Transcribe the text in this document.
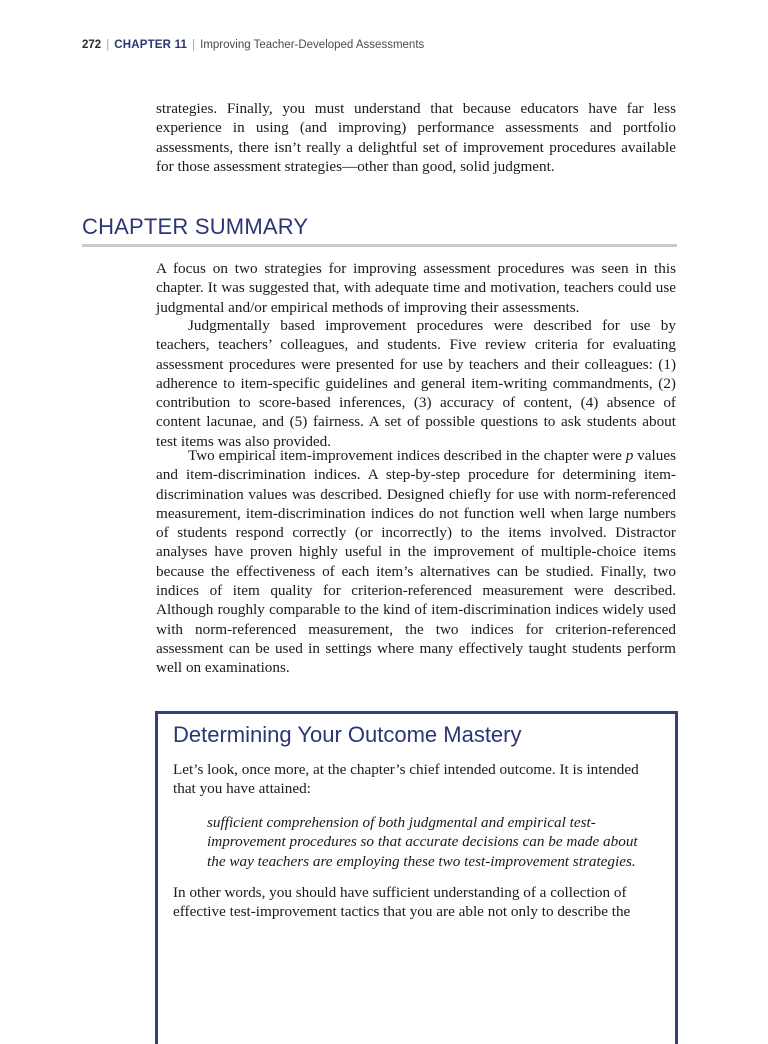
272 | CHAPTER 11 | Improving Teacher-Developed Assessments

strategies. Finally, you must understand that because educators have far less experience in using (and improving) performance assessments and portfolio assessments, there isn’t really a delightful set of improvement procedures available for those assessment strategies—other than good, solid judgment.

CHAPTER SUMMARY

A focus on two strategies for improving assessment procedures was seen in this chapter. It was suggested that, with adequate time and motivation, teachers could use judgmental and/or empirical methods of improving their assessments.

Judgmentally based improvement procedures were described for use by teachers, teachers’ colleagues, and students. Five review criteria for evaluating assessment procedures were presented for use by teachers and their colleagues: (1) adherence to item-specific guidelines and general item-writing commandments, (2) contribution to score-based inferences, (3) accuracy of content, (4) absence of content lacunae, and (5) fairness. A set of possible questions to ask students about test items was also provided.

Two empirical item-improvement indices described in the chapter were p values and item-discrimination indices. A step-by-step procedure for determining item-discrimination values was described. Designed chiefly for use with norm-referenced measurement, item-discrimination indices do not function well when large numbers of students respond correctly (or incorrectly) to the items involved. Distractor analyses have proven highly useful in the improvement of multiple-choice items because the effectiveness of each item’s alternatives can be studied. Finally, two indices of item quality for criterion-referenced measurement were described. Although roughly comparable to the kind of item-discrimination indices widely used with norm-referenced measurement, the two indices for criterion-referenced assessment can be used in settings where many effectively taught students perform well on examinations.

Determining Your Outcome Mastery

Let’s look, once more, at the chapter’s chief intended outcome. It is intended that you have attained:

sufficient comprehension of both judgmental and empirical test-improvement procedures so that accurate decisions can be made about the way teachers are employing these two test-improvement strategies.

In other words, you should have sufficient understanding of a collection of effective test-improvement tactics that you are able not only to describe the
